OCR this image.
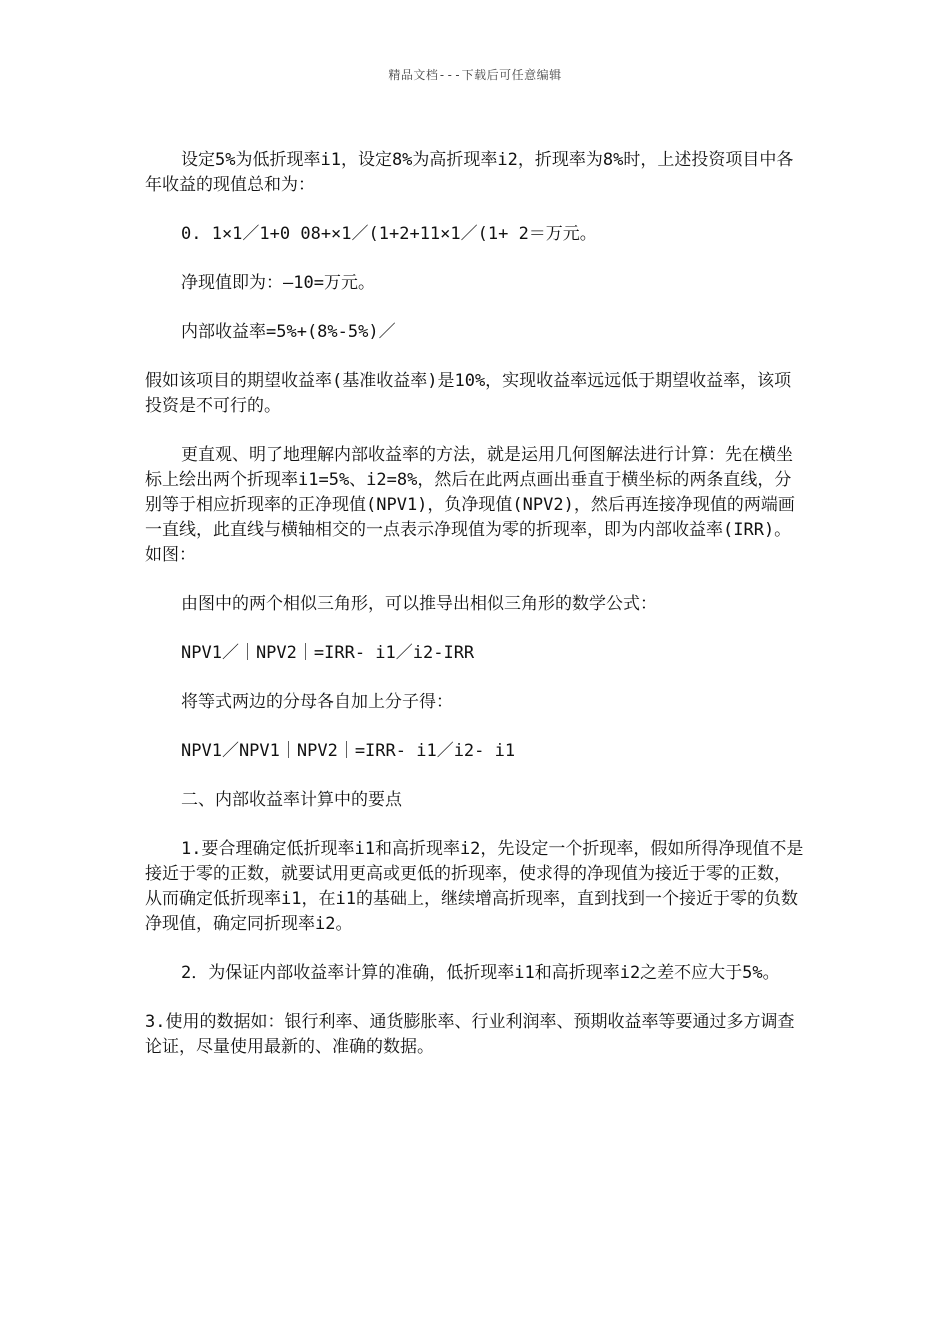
精品文档---下载后可任意编辑

设定5%为低折现率i1，设定8%为高折现率i2，折现率为8%时，上述投资项目中各年收益的现值总和为：

0. 1×1／1+0 08+×1／(1+2+11×1／(1+ 2＝万元。

净现值即为：—10=万元。

内部收益率=5%+(8%-5%)／

假如该项目的期望收益率(基准收益率)是10%，实现收益率远远低于期望收益率，该项投资是不可行的。

更直观、明了地理解内部收益率的方法，就是运用几何图解法进行计算：先在横坐标上绘出两个折现率i1=5%、i2=8%，然后在此两点画出垂直于横坐标的两条直线，分别等于相应折现率的正净现值(NPV1)，负净现值(NPV2)，然后再连接净现值的两端画一直线，此直线与横轴相交的一点表示净现值为零的折现率，即为内部收益率(IRR)。如图：

由图中的两个相似三角形，可以推导出相似三角形的数学公式：

NPV1／｜NPV2｜=IRR- i1／i2-IRR

将等式两边的分母各自加上分子得：

NPV1／NPV1｜NPV2｜=IRR- i1／i2- i1

二、内部收益率计算中的要点

1.要合理确定低折现率i1和高折现率i2，先设定一个折现率，假如所得净现值不是接近于零的正数，就要试用更高或更低的折现率，使求得的净现值为接近于零的正数，从而确定低折现率i1，在i1的基础上，继续增高折现率，直到找到一个接近于零的负数净现值，确定同折现率i2。

2．为保证内部收益率计算的准确，低折现率i1和高折现率i2之差不应大于5%。

3.使用的数据如：银行利率、通货膨胀率、行业利润率、预期收益率等要通过多方调查论证，尽量使用最新的、准确的数据。
